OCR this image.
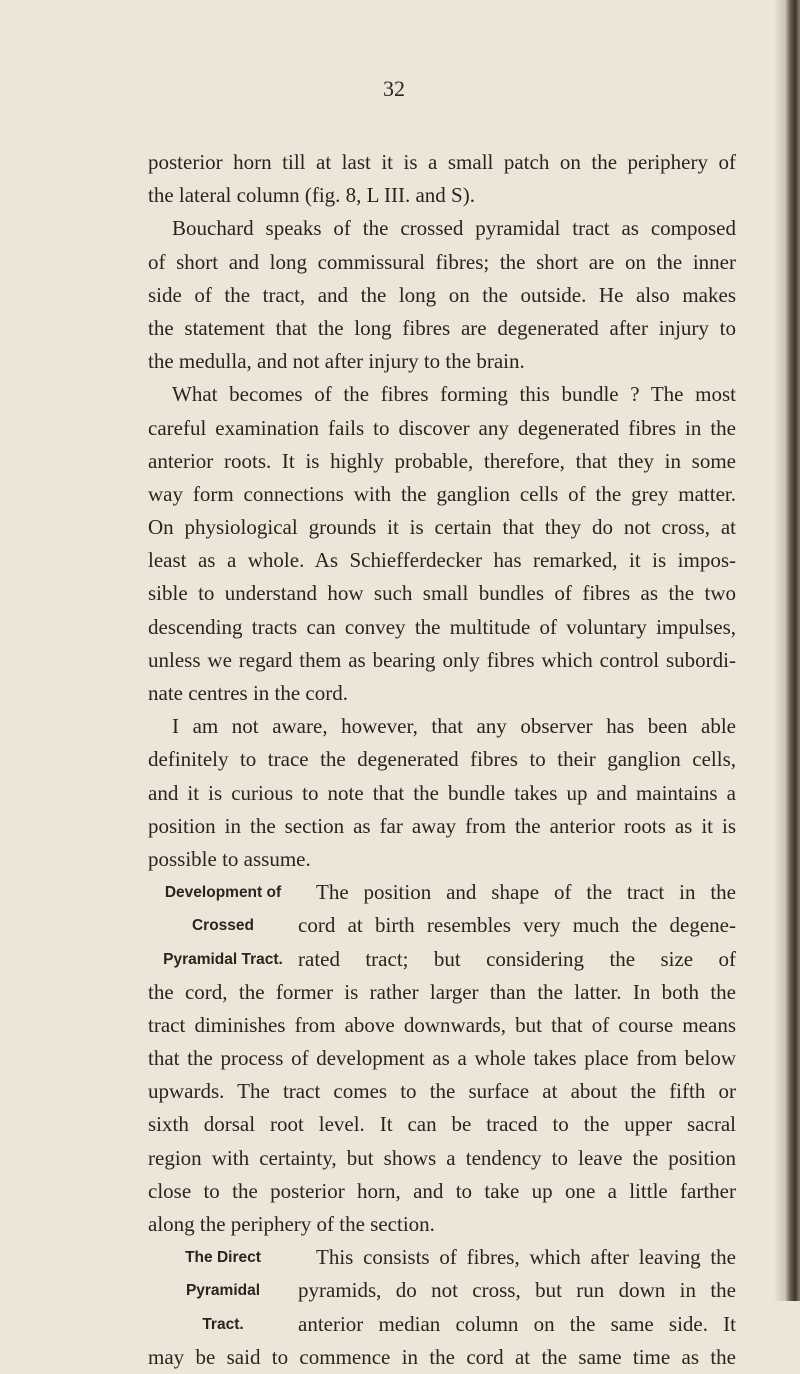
32
posterior horn till at last it is a small patch on the periphery of
the lateral column (fig. 8, L III. and S).
Bouchard speaks of the crossed pyramidal tract as composed
of short and long commissural fibres; the short are on the inner
side of the tract, and the long on the outside. He also makes
the statement that the long fibres are degenerated after injury to
the medulla, and not after injury to the brain.
What becomes of the fibres forming this bundle ? The most
careful examination fails to discover any degenerated fibres in the
anterior roots. It is highly probable, therefore, that they in some
way form connections with the ganglion cells of the grey matter.
On physiological grounds it is certain that they do not cross, at
least as a whole. As Schiefferdecker has remarked, it is impos-
sible to understand how such small bundles of fibres as the two
descending tracts can convey the multitude of voluntary impulses,
unless we regard them as bearing only fibres which control subordi-
nate centres in the cord.
I am not aware, however, that any observer has been able
definitely to trace the degenerated fibres to their ganglion cells,
and it is curious to note that the bundle takes up and maintains a
position in the section as far away from the anterior roots as it is
possible to assume.
Development of	The position and shape of the tract in the
Crossed	cord at birth resembles very much the degene-
Pyramidal Tract. rated tract; but considering the size of
the cord, the former is rather larger than the latter. In both the
tract diminishes from above downwards, but that of course means
that the process of development as a whole takes place from below
upwards. The tract comes to the surface at about the fifth or
sixth dorsal root level. It can be traced to the upper sacral
region with certainty, but shows a tendency to leave the position
close to the posterior horn, and to take up one a little farther
along the periphery of the section.
The Direct	This consists of fibres, which after leaving the
Pyramidal	pyramids, do not cross, but run down in the
Tract.	anterior median column on the same side. It
may be said to commence in the cord at the same time as the
